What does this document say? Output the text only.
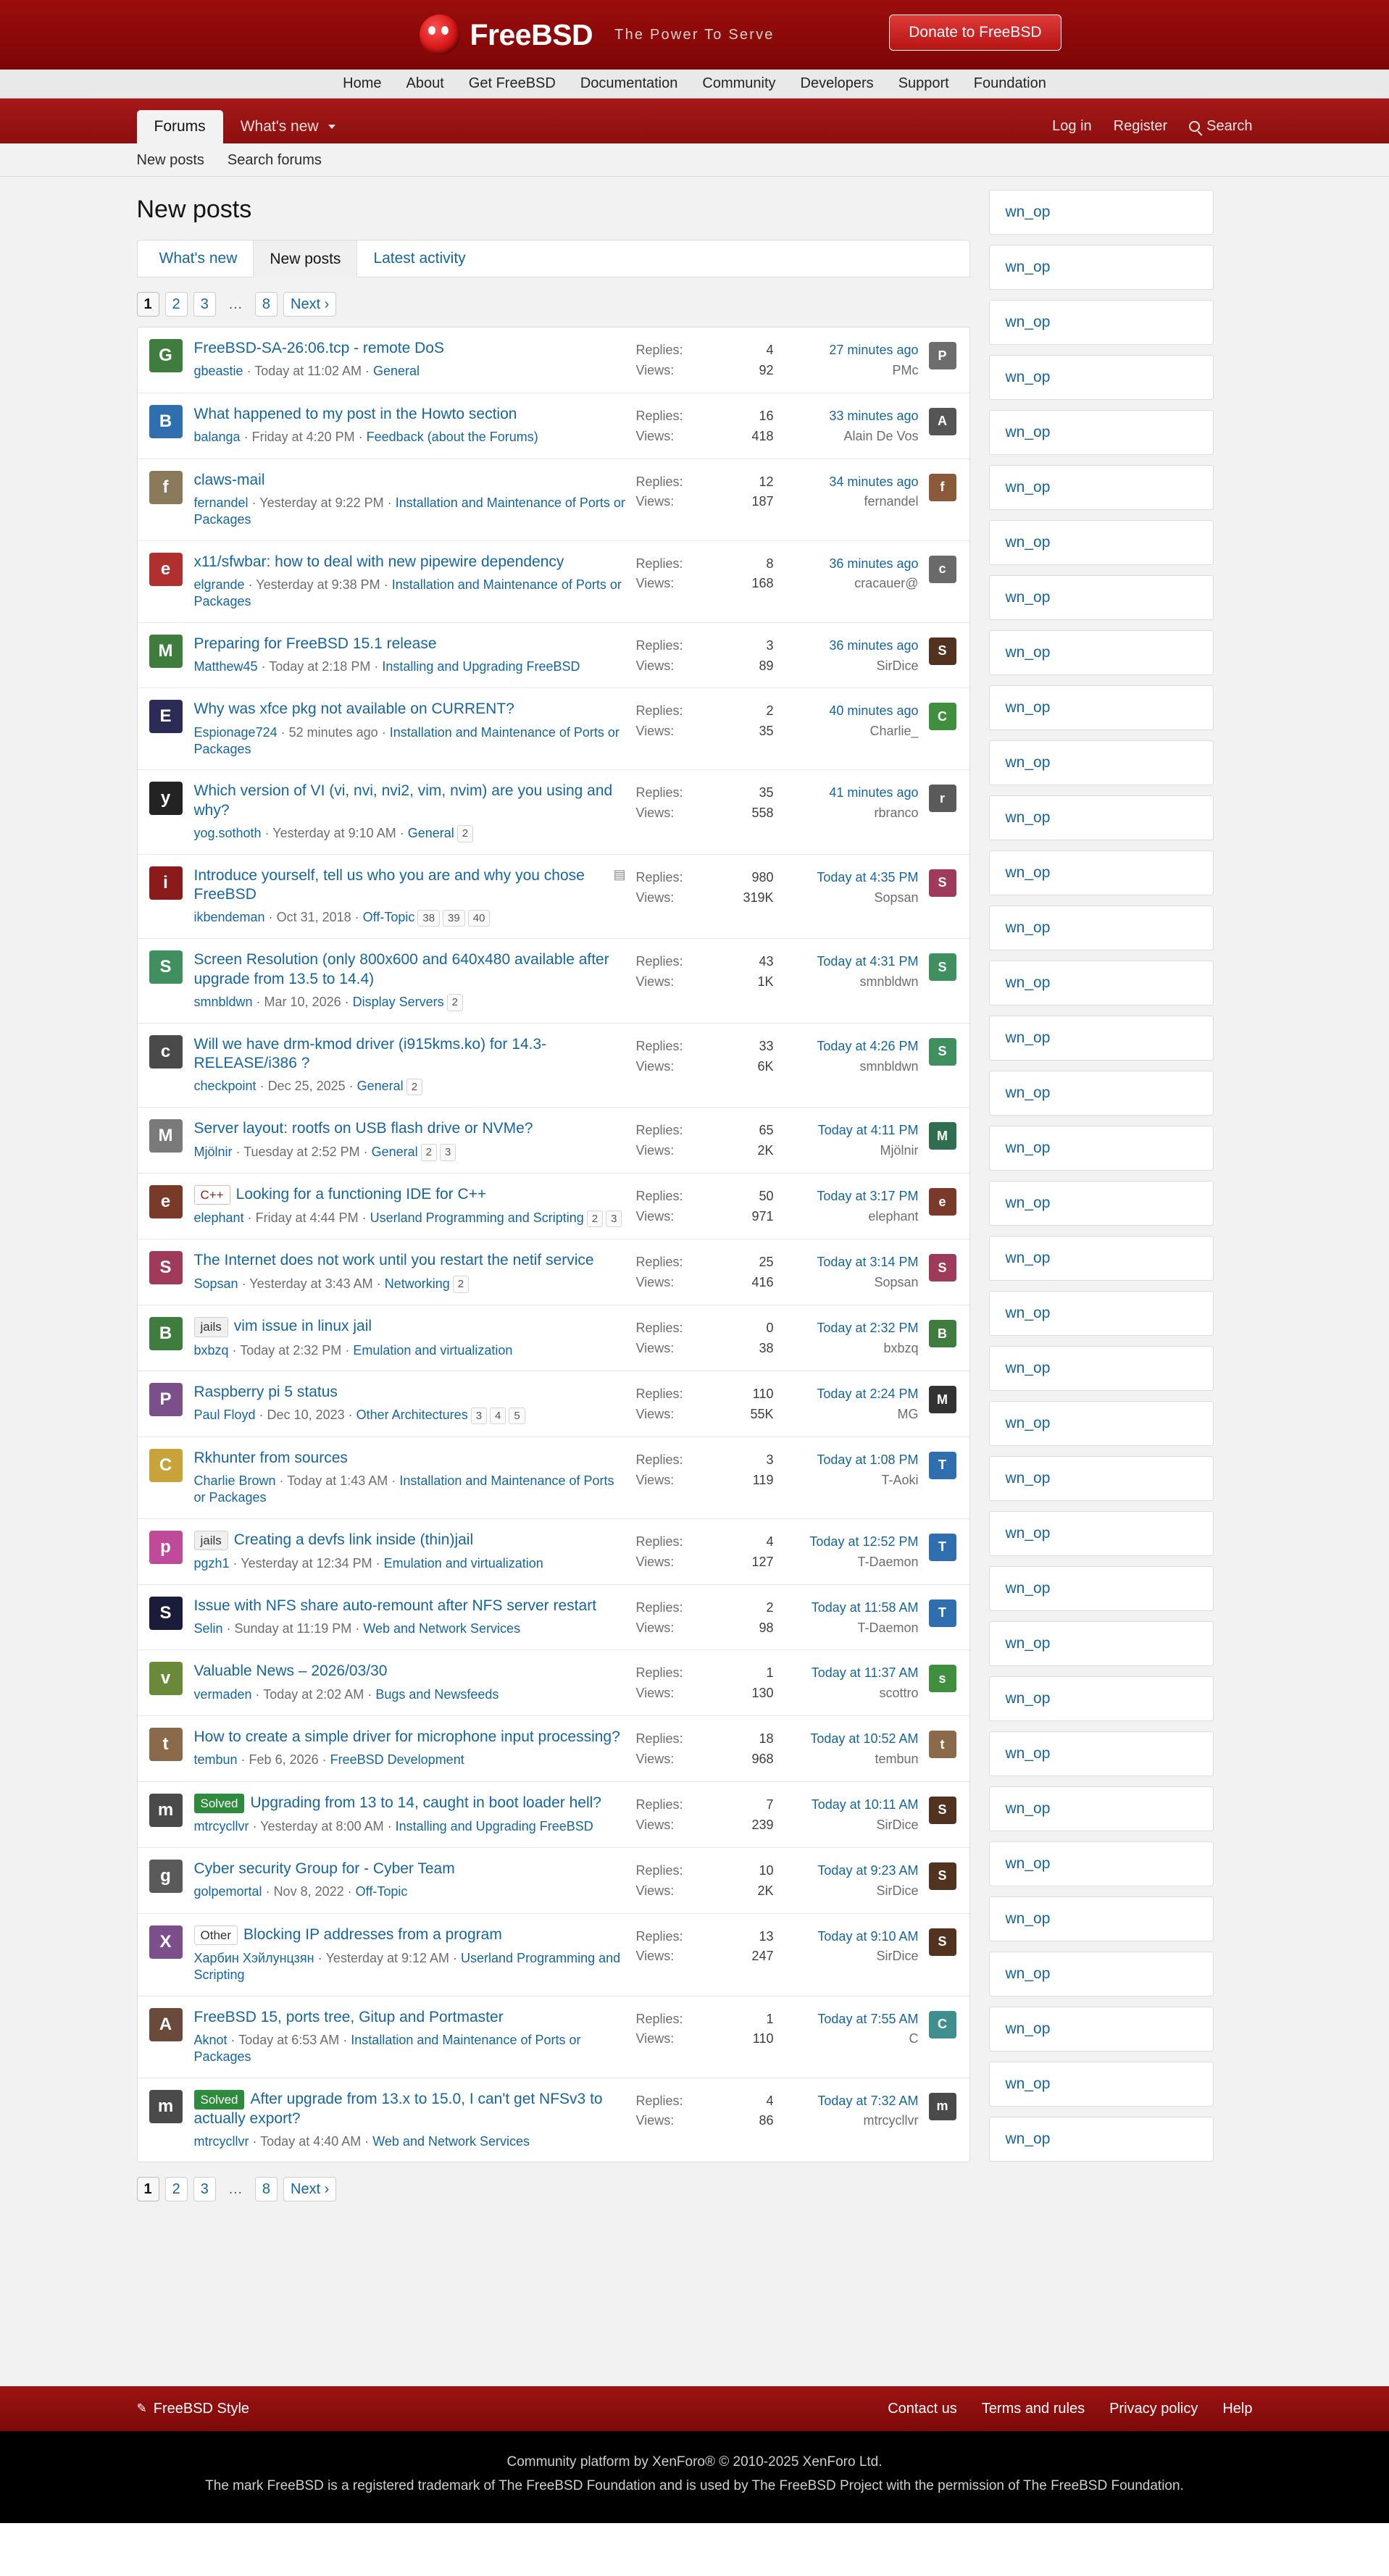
FreeBSD The Power To Serve	Donate to FreeBSD
Home About Get FreeBSD Documentation Community Developers Support Foundation
Forums	What's new	Log in Register	Search
New posts Search forums
New posts
What's new	New posts	Latest activity
1	2	3	…	8	Next ›
G	FreeBSD-SA-26:06.tcp - remote DoS
gbeastie · Today at 11:02 AM · General
Replies:	4
Views:	92
27 minutes ago
PMc
P
B	What happened to my post in the Howto section
balanga · Friday at 4:20 PM · Feedback (about the Forums)
Replies:	16
Views:	418
33 minutes ago
Alain De Vos
A
f	claws-mail
fernandel · Yesterday at 9:22 PM · Installation and Maintenance of Ports or Packages
Replies:	12
Views:	187
34 minutes ago
fernandel
f
e	x11/sfwbar: how to deal with new pipewire dependency
elgrande · Yesterday at 9:38 PM · Installation and Maintenance of Ports or Packages
Replies:	8
Views:	168
36 minutes ago
cracauer@
c
M	Preparing for FreeBSD 15.1 release
Matthew45 · Today at 2:18 PM · Installing and Upgrading FreeBSD
Replies:	3
Views:	89
36 minutes ago
SirDice
S
E	Why was xfce pkg not available on CURRENT?
Espionage724 · 52 minutes ago · Installation and Maintenance of Ports or Packages
Replies:	2
Views:	35
40 minutes ago
Charlie_
C
y	Which version of VI (vi, nvi, nvi2, vim, nvim) are you using and why?
yog.sothoth · Yesterday at 9:10 AM · General 2
Replies:	35
Views:	558
41 minutes ago
rbranco
r
i	▤
Introduce yourself, tell us who you are and why you chose FreeBSD
ikbendeman · Oct 31, 2018 · Off-Topic 38 39 40
Replies:	980
Views:	319K
Today at 4:35 PM
Sopsan
S
S	Screen Resolution (only 800x600 and 640x480 available after upgrade from 13.5 to 14.4)
smnbldwn · Mar 10, 2026 · Display Servers 2
Replies:	43
Views:	1K
Today at 4:31 PM
smnbldwn
S
c	Will we have drm-kmod driver (i915kms.ko) for 14.3-RELEASE/i386 ?
checkpoint · Dec 25, 2025 · General 2
Replies:	33
Views:	6K
Today at 4:26 PM
smnbldwn
S
M	Server layout: rootfs on USB flash drive or NVMe?
Mjölnir · Tuesday at 2:52 PM · General 2 3
Replies:	65
Views:	2K
Today at 4:11 PM
Mjölnir
M
e	C++ Looking for a functioning IDE for C++
elephant · Friday at 4:44 PM · Userland Programming and Scripting 2 3
Replies:	50
Views:	971
Today at 3:17 PM
elephant
e
S	The Internet does not work until you restart the netif service
Sopsan · Yesterday at 3:43 AM · Networking 2
Replies:	25
Views:	416
Today at 3:14 PM
Sopsan
S
B	jails vim issue in linux jail
bxbzq · Today at 2:32 PM · Emulation and virtualization
Replies:	0
Views:	38
Today at 2:32 PM
bxbzq
B
P	Raspberry pi 5 status
Paul Floyd · Dec 10, 2023 · Other Architectures 3 4 5
Replies:	110
Views:	55K
Today at 2:24 PM
MG
M
C	Rkhunter from sources
Charlie Brown · Today at 1:43 AM · Installation and Maintenance of Ports or Packages
Replies:	3
Views:	119
Today at 1:08 PM
T-Aoki
T
p	jails Creating a devfs link inside (thin)jail
pgzh1 · Yesterday at 12:34 PM · Emulation and virtualization
Replies:	4
Views:	127
Today at 12:52 PM
T-Daemon
T
S	Issue with NFS share auto-remount after NFS server restart
Selin · Sunday at 11:19 PM · Web and Network Services
Replies:	2
Views:	98
Today at 11:58 AM
T-Daemon
T
v	Valuable News – 2026/03/30
vermaden · Today at 2:02 AM · Bugs and Newsfeeds
Replies:	1
Views:	130
Today at 11:37 AM
scottro
s
t	How to create a simple driver for microphone input processing?
tembun · Feb 6, 2026 · FreeBSD Development
Replies:	18
Views:	968
Today at 10:52 AM
tembun
t
m	Solved Upgrading from 13 to 14, caught in boot loader hell?
mtrcycllvr · Yesterday at 8:00 AM · Installing and Upgrading FreeBSD
Replies:	7
Views:	239
Today at 10:11 AM
SirDice
S
g	Cyber security Group for - Cyber Team
golpemortal · Nov 8, 2022 · Off-Topic
Replies:	10
Views:	2K
Today at 9:23 AM
SirDice
S
X	Other Blocking IP addresses from a program
Харбин Хэйлунцзян · Yesterday at 9:12 AM · Userland Programming and Scripting
Replies:	13
Views:	247
Today at 9:10 AM
SirDice
S
A	FreeBSD 15, ports tree, Gitup and Portmaster
Aknot · Today at 6:53 AM · Installation and Maintenance of Ports or Packages
Replies:	1
Views:	110
Today at 7:55 AM
C
C
m	Solved After upgrade from 13.x to 15.0, I can't get NFSv3 to actually export?
mtrcycllvr · Today at 4:40 AM · Web and Network Services
Replies:	4
Views:	86
Today at 7:32 AM
mtrcycllvr
m
1	2	3	…	8	Next ›
wn_op
wn_op
wn_op
wn_op
wn_op
wn_op
wn_op
wn_op
wn_op
wn_op
wn_op
wn_op
wn_op
wn_op
wn_op
wn_op
wn_op
wn_op
wn_op
wn_op
wn_op
wn_op
wn_op
wn_op
wn_op
wn_op
wn_op
wn_op
wn_op
wn_op
wn_op
wn_op
wn_op
wn_op
wn_op
wn_op
✎ FreeBSD Style	Contact us Terms and rules Privacy policy Help
Community platform by XenForo® © 2010-2025 XenForo Ltd.
The mark FreeBSD is a registered trademark of The FreeBSD Foundation and is used by The FreeBSD Project with the permission of The FreeBSD Foundation.
